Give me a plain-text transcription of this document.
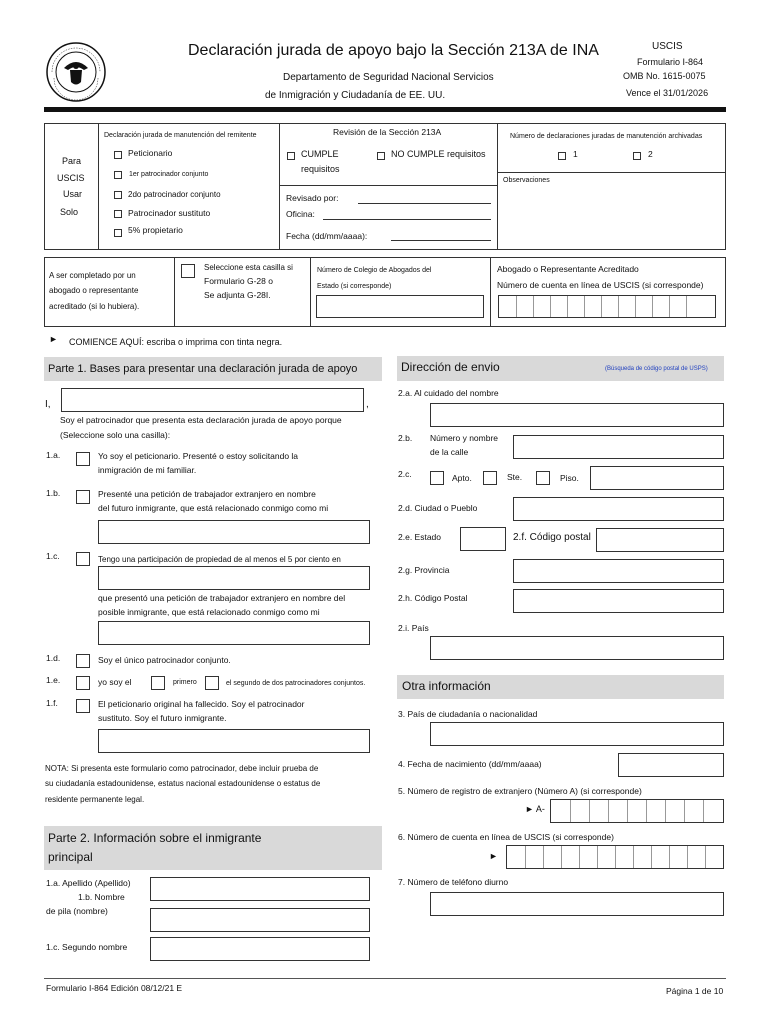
Declaración jurada de apoyo bajo la Sección 213A de INA
Departamento de Seguridad Nacional Servicios
de Inmigración y Ciudadanía de EE. UU.
USCIS
Formulario I-864
OMB No. 1615-0075
Vence el 31/01/2026
Para
USCIS
Usar
Solo
Declaración jurada de manutención del remitente
Peticionario
1er patrocinador conjunto
2do patrocinador conjunto
Patrocinador sustituto
5% propietario
Revisión de la Sección 213A
CUMPLE
requisitos
NO CUMPLE requisitos
Revisado por:
Oficina:
Fecha (dd/mm/aaaa):
Número de declaraciones juradas de manutención archivadas
1	2
Observaciones
A ser completado por un
abogado o representante
acreditado (si lo hubiera).
Seleccione esta casilla si
Formulario G-28 o
Se adjunta G-28I.
Número de Colegio de Abogados del
Estado (si corresponde)
Abogado o Representante Acreditado
Número de cuenta en línea de USCIS (si corresponde)
► COMIENCE AQUÍ: escriba o imprima con tinta negra.
Parte 1. Bases para presentar una declaración jurada de apoyo
I,	,
Soy el patrocinador que presenta esta declaración jurada de apoyo porque
(Seleccione solo una casilla):
1.a.	Yo soy el peticionario. Presenté o estoy solicitando la
inmigración de mi familiar.
1.b.	Presenté una petición de trabajador extranjero en nombre
del futuro inmigrante, que está relacionado conmigo como mi
1.c.	Tengo una participación de propiedad de al menos el 5 por ciento en
que presentó una petición de trabajador extranjero en nombre del
posible inmigrante, que está relacionado conmigo como mi
1.d.	Soy el único patrocinador conjunto.
1.e.	yo soy el	primero	el segundo de dos patrocinadores conjuntos.
1.f.	El peticionario original ha fallecido. Soy el patrocinador
sustituto. Soy el futuro inmigrante.
NOTA: Si presenta este formulario como patrocinador, debe incluir prueba de
su ciudadanía estadounidense, estatus nacional estadounidense o estatus de
residente permanente legal.
Parte 2. Información sobre el inmigrante
principal
1.a. Apellido (Apellido)
1.b. Nombre
de pila (nombre)
1.c. Segundo nombre
Dirección de envio	(Búsqueda de código postal de USPS)
2.a. Al cuidado del nombre
2.b. Número y nombre
de la calle
2.c.	Apto.	Ste.	Piso.
2.d. Ciudad o Pueblo
2.e. Estado	2.f. Código postal
2.g. Provincia
2.h. Código Postal
2.i. País
Otra información
3. País de ciudadanía o nacionalidad
4. Fecha de nacimiento (dd/mm/aaaa)
5. Número de registro de extranjero (Número A) (si corresponde)
► A-
6. Número de cuenta en línea de USCIS (si corresponde)
►
7. Número de teléfono diurno
Formulario I-864 Edición 08/12/21 E	Página 1 de 10
